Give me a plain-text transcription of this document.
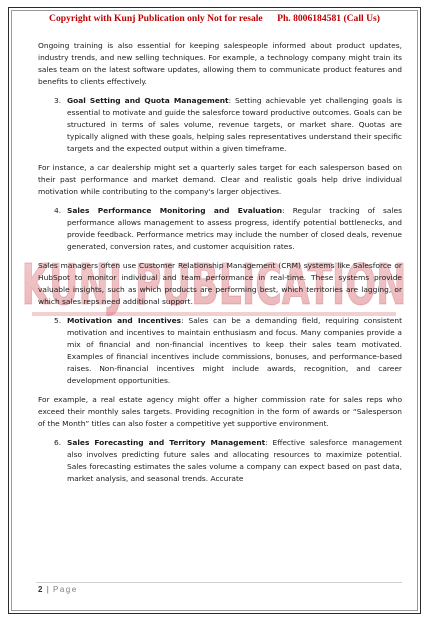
Copyright with Kunj Publication only Not for resale Ph. 8006184581 (Call Us)
KUNJ PUBLICATION

Ongoing training is also essential for keeping salespeople informed about product updates, industry trends, and new selling techniques. For example, a technology company might train its sales team on the latest software updates, allowing them to communicate product features and benefits to clients effectively.

3. Goal Setting and Quota Management: Setting achievable yet challenging goals is essential to motivate and guide the salesforce toward productive outcomes. Goals can be structured in terms of sales volume, revenue targets, or market share. Quotas are typically aligned with these goals, helping sales representatives understand their specific targets and the expected output within a given timeframe.

For instance, a car dealership might set a quarterly sales target for each salesperson based on their past performance and market demand. Clear and realistic goals help drive individual motivation while contributing to the company's larger objectives.

4. Sales Performance Monitoring and Evaluation: Regular tracking of sales performance allows management to assess progress, identify potential bottlenecks, and provide feedback. Performance metrics may include the number of closed deals, revenue generated, conversion rates, and customer acquisition rates.

Sales managers often use Customer Relationship Management (CRM) systems like Salesforce or HubSpot to monitor individual and team performance in real-time. These systems provide valuable insights, such as which products are performing best, which territories are lagging, or which sales reps need additional support.

5. Motivation and Incentives: Sales can be a demanding field, requiring consistent motivation and incentives to maintain enthusiasm and focus. Many companies provide a mix of financial and non-financial incentives to keep their sales team motivated. Examples of financial incentives include commissions, bonuses, and performance-based raises. Non-financial incentives might include awards, recognition, and career development opportunities.

For example, a real estate agency might offer a higher commission rate for sales reps who exceed their monthly sales targets. Providing recognition in the form of awards or “Salesperson of the Month” titles can also foster a competitive yet supportive environment.

6. Sales Forecasting and Territory Management: Effective salesforce management also involves predicting future sales and allocating resources to maximize potential. Sales forecasting estimates the sales volume a company can expect based on past data, market analysis, and seasonal trends. Accurate
2 | Page
